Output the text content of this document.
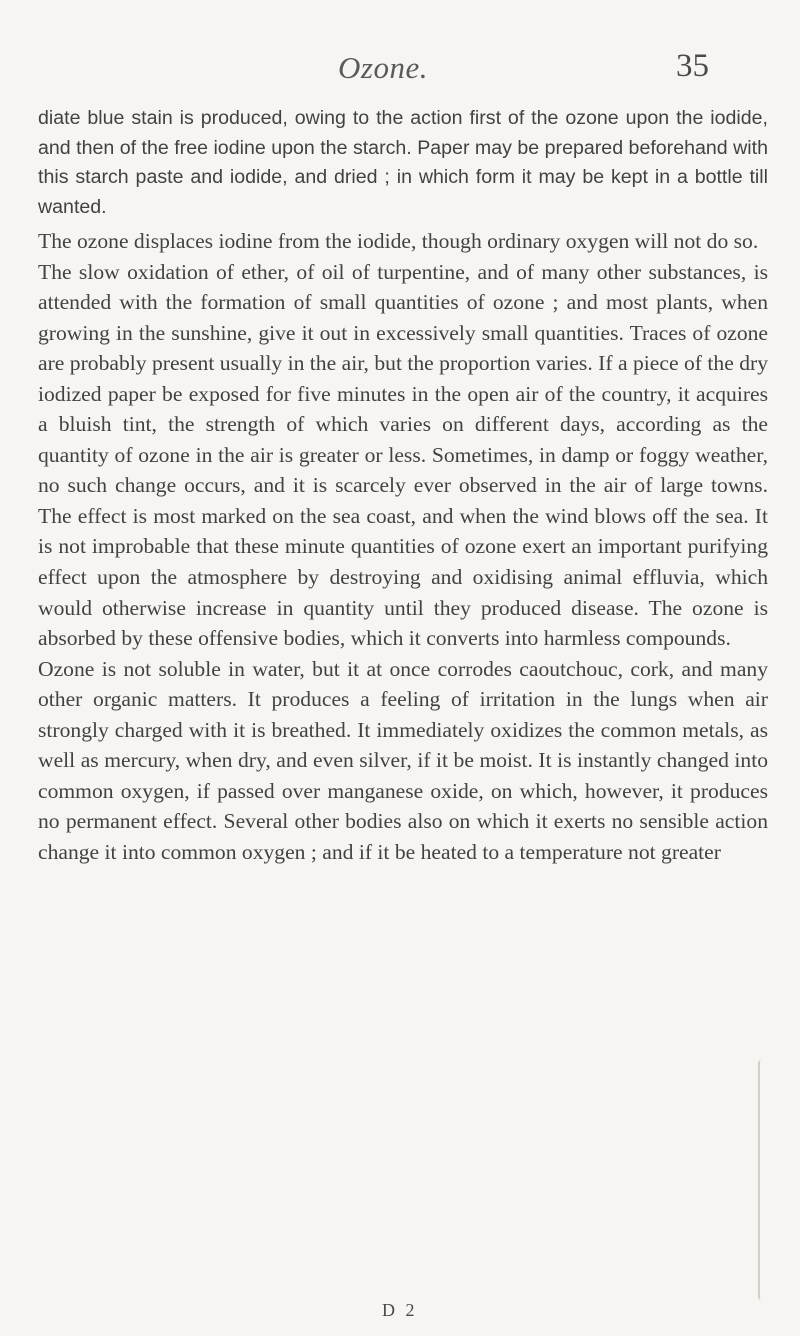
Ozone.	35

diate blue stain is produced, owing to the action first of the ozone upon the iodide, and then of the free iodine upon the starch. Paper may be prepared beforehand with this starch paste and iodide, and dried ; in which form it may be kept in a bottle till wanted.

The ozone displaces iodine from the iodide, though ordinary oxygen will not do so.

The slow oxidation of ether, of oil of turpentine, and of many other substances, is attended with the formation of small quantities of ozone ; and most plants, when growing in the sunshine, give it out in excessively small quantities. Traces of ozone are probably present usually in the air, but the proportion varies. If a piece of the dry iodized paper be exposed for five minutes in the open air of the country, it acquires a bluish tint, the strength of which varies on different days, according as the quantity of ozone in the air is greater or less. Sometimes, in damp or foggy weather, no such change occurs, and it is scarcely ever observed in the air of large towns. The effect is most marked on the sea coast, and when the wind blows off the sea. It is not improbable that these minute quantities of ozone exert an important purifying effect upon the atmosphere by destroying and oxidising animal effluvia, which would otherwise increase in quantity until they produced disease. The ozone is absorbed by these offensive bodies, which it converts into harmless compounds.

Ozone is not soluble in water, but it at once corrodes caoutchouc, cork, and many other organic matters. It produces a feeling of irritation in the lungs when air strongly charged with it is breathed. It immediately oxidizes the common metals, as well as mercury, when dry, and even silver, if it be moist. It is instantly changed into common oxygen, if passed over manganese oxide, on which, however, it produces no permanent effect. Several other bodies also on which it exerts no sensible action change it into common oxygen ; and if it be heated to a temperature not greater

D 2
